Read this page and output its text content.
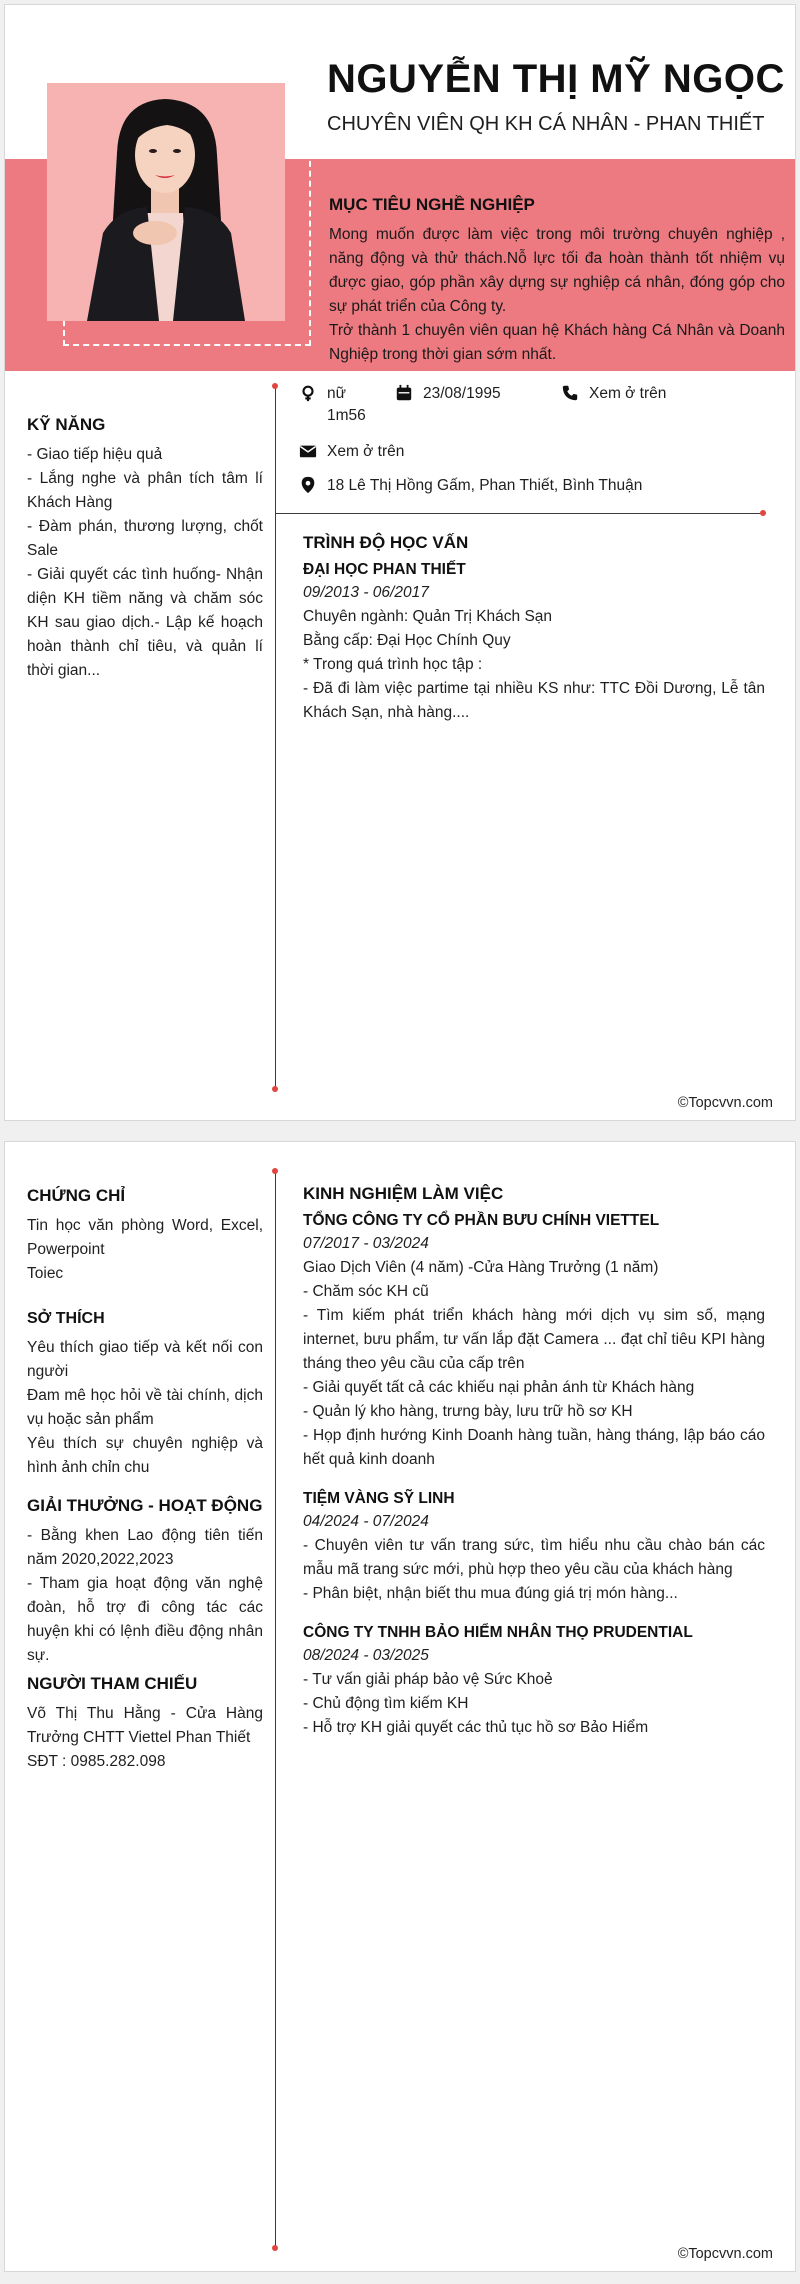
NGUYỄN THỊ MỸ NGỌC
CHUYÊN VIÊN QH KH CÁ NHÂN - PHAN THIẾT
MỤC TIÊU NGHỀ NGHIỆP

Mong muốn được làm việc trong môi trường chuyên nghiệp , năng động và thử thách.Nỗ lực tối đa hoàn thành tốt nhiệm vụ được giao, góp phần xây dựng sự nghiệp cá nhân, đóng góp cho sự phát triển của Công ty.

Trở thành 1 chuyên viên quan hệ Khách hàng Cá Nhân và Doanh Nghiệp trong thời gian sớm nhất.

nữ
1m56
23/08/1995	Xem ở trên
Xem ở trên
18 Lê Thị Hồng Gấm, Phan Thiết, Bình Thuận
KỸ NĂNG
- Giao tiếp hiệu quả
- Lắng nghe và phân tích tâm lí Khách Hàng
- Đàm phán, thương lượng, chốt Sale
- Giải quyết các tình huống- Nhận diện KH tiềm năng và chăm sóc KH sau giao dịch.- Lập kế hoạch hoàn thành chỉ tiêu, và quản lí thời gian...
TRÌNH ĐỘ HỌC VẤN
ĐẠI HỌC PHAN THIẾT
09/2013 - 06/2017
Chuyên ngành: Quản Trị Khách Sạn
Bằng cấp: Đại Học Chính Quy
* Trong quá trình học tập :
- Đã đi làm việc partime tại nhiều KS như: TTC Đồi Dương, Lễ tân Khách Sạn, nhà hàng....
©Topcvvn.com
CHỨNG CHỈ
Tin học văn phòng Word, Excel, Powerpoint
Toiec
SỞ THÍCH
Yêu thích giao tiếp và kết nối con người
Đam mê học hỏi về tài chính, dịch vụ hoặc sản phẩm
Yêu thích sự chuyên nghiệp và hình ảnh chỉn chu
GIẢI THƯỞNG - HOẠT ĐỘNG
- Bằng khen Lao động tiên tiến năm 2020,2022,2023
- Tham gia hoạt động văn nghệ đoàn, hỗ trợ đi công tác các huyện khi có lệnh điều động nhân sự.
NGƯỜI THAM CHIẾU
Võ Thị Thu Hằng - Cửa Hàng Trưởng CHTT Viettel Phan Thiết
SĐT : 0985.282.098
KINH NGHIỆM LÀM VIỆC
TỔNG CÔNG TY CỔ PHẦN BƯU CHÍNH VIETTEL
07/2017 - 03/2024
Giao Dịch Viên (4 năm) -Cửa Hàng Trưởng (1 năm)
- Chăm sóc KH cũ
- Tìm kiếm phát triển khách hàng mới dịch vụ sim số, mạng internet, bưu phẩm, tư vấn lắp đặt Camera ... đạt chỉ tiêu KPI hàng tháng theo yêu cầu của cấp trên
- Giải quyết tất cả các khiếu nại phản ánh từ Khách hàng
- Quản lý kho hàng, trưng bày, lưu trữ hồ sơ KH
- Họp định hướng Kinh Doanh hàng tuần, hàng tháng, lập báo cáo hết quả kinh doanh
TIỆM VÀNG SỸ LINH
04/2024 - 07/2024
- Chuyên viên tư vấn trang sức, tìm hiểu nhu cầu chào bán các mẫu mã trang sức mới, phù hợp theo yêu cầu của khách hàng
- Phân biệt, nhận biết thu mua đúng giá trị món hàng...
CÔNG TY TNHH BẢO HIỂM NHÂN THỌ PRUDENTIAL
08/2024 - 03/2025
- Tư vấn giải pháp bảo vệ Sức Khoẻ
- Chủ động tìm kiếm KH
- Hỗ trợ KH giải quyết các thủ tục hồ sơ Bảo Hiểm
©Topcvvn.com
